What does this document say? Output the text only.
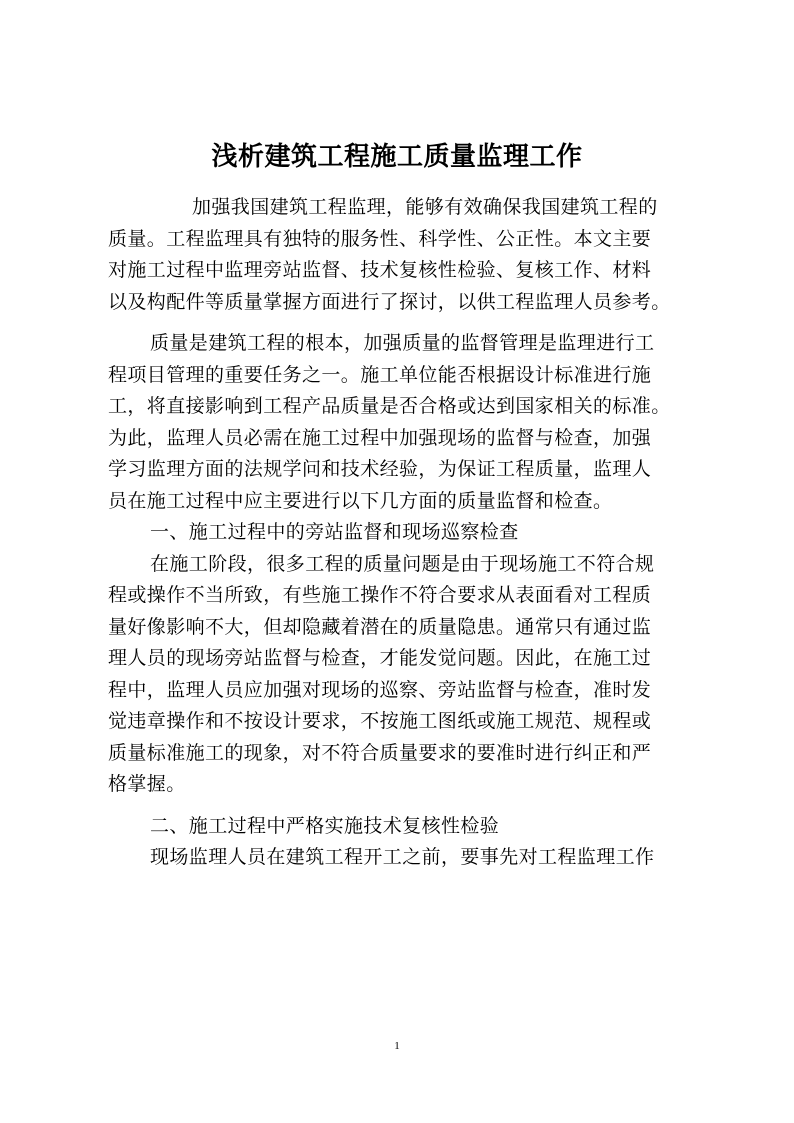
浅析建筑工程施工质量监理工作
加强我国建筑工程监理，能够有效确保我国建筑工程的
质量。工程监理具有独特的服务性、科学性、公正性。本文主要
对施工过程中监理旁站监督、技术复核性检验、复核工作、材料
以及构配件等质量掌握方面进行了探讨，以供工程监理人员参考。
质量是建筑工程的根本，加强质量的监督管理是监理进行工
程项目管理的重要任务之一。施工单位能否根据设计标准进行施
工，将直接影响到工程产品质量是否合格或达到国家相关的标准。
为此，监理人员必需在施工过程中加强现场的监督与检查，加强
学习监理方面的法规学问和技术经验，为保证工程质量，监理人
员在施工过程中应主要进行以下几方面的质量监督和检查。
一、施工过程中的旁站监督和现场巡察检查
在施工阶段，很多工程的质量问题是由于现场施工不符合规
程或操作不当所致，有些施工操作不符合要求从表面看对工程质
量好像影响不大，但却隐藏着潜在的质量隐患。通常只有通过监
理人员的现场旁站监督与检查，才能发觉问题。因此，在施工过
程中，监理人员应加强对现场的巡察、旁站监督与检查，准时发
觉违章操作和不按设计要求，不按施工图纸或施工规范、规程或
质量标准施工的现象，对不符合质量要求的要准时进行纠正和严
格掌握。
二、施工过程中严格实施技术复核性检验
现场监理人员在建筑工程开工之前，要事先对工程监理工作
1
